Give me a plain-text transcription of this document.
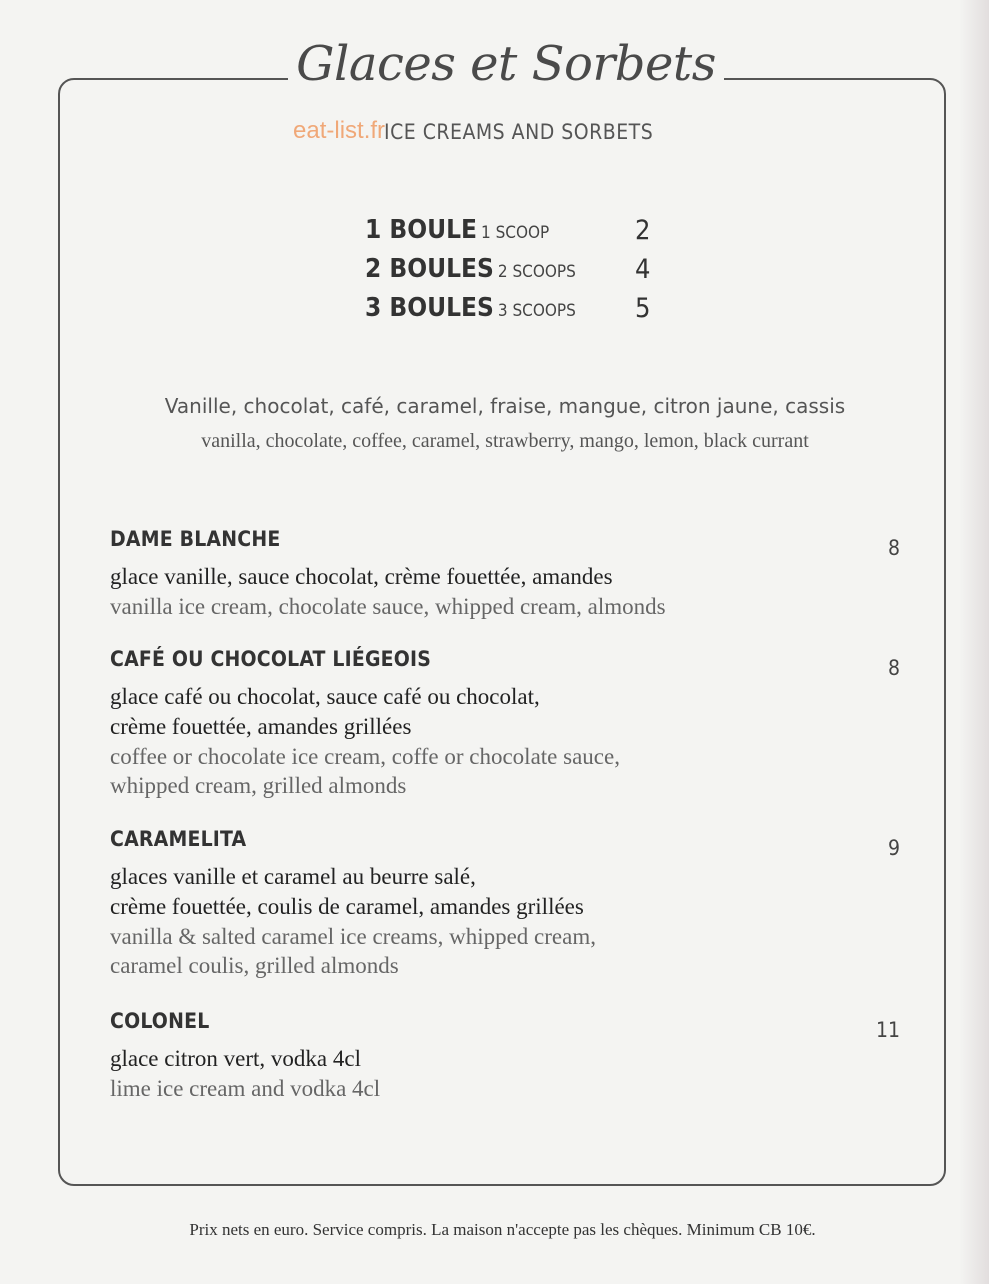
Glaces et Sorbets
eat-list.fr
ICE CREAMS AND SORBETS
1 BOULE 1 SCOOP	2
2 BOULES 2 SCOOPS 4
3 BOULES 3 SCOOPS 5
Vanille, chocolat, café, caramel, fraise, mangue, citron jaune, cassis
vanilla, chocolate, coffee, caramel, strawberry, mango, lemon, black currant
DAME BLANCHE	8
glace vanille, sauce chocolat, crème fouettée, amandes
vanilla ice cream, chocolate sauce, whipped cream, almonds
CAFÉ OU CHOCOLAT LIÉGEOIS	8
glace café ou chocolat, sauce café ou chocolat,
crème fouettée, amandes grillées
coffee or chocolate ice cream, coffe or chocolate sauce,
whipped cream, grilled almonds
CARAMELITA	9
glaces vanille et caramel au beurre salé,
crème fouettée, coulis de caramel, amandes grillées
vanilla & salted caramel ice creams, whipped cream,
caramel coulis, grilled almonds
COLONEL	11
glace citron vert, vodka 4cl
lime ice cream and vodka 4cl
Prix nets en euro. Service compris. La maison n'accepte pas les chèques. Minimum CB 10€.
